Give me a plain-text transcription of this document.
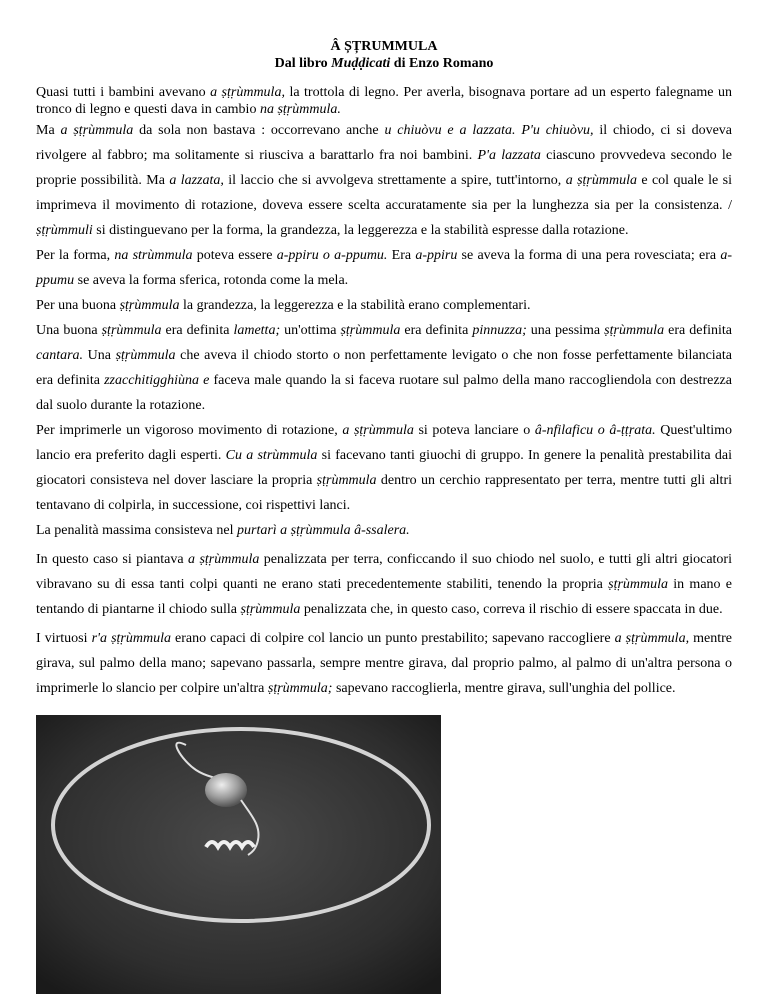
Â ȘȚRUMMULA
Dal libro Muḍḍicati di Enzo Romano

Quasi tutti i bambini avevano a ṣṭṛùmmula, la trottola di legno. Per averla, bisognava portare ad un esperto falegname un tronco di legno e questi dava in cambio na ṣṭṛùmmula.

Ma a ṣṭṛùmmula da sola non bastava : occorrevano anche u chiuòvu e a lazzata. P'u chiuòvu, il chiodo, ci si doveva rivolgere al fabbro; ma solitamente si riusciva a barattarlo fra noi bambini. P'a lazzata ciascuno provvedeva secondo le proprie possibilità. Ma a lazzata, il laccio che si avvolgeva strettamente a spire, tutt'intorno, a ṣṭṛùmmula e col quale le si imprimeva il movimento di rotazione, doveva essere scelta accuratamente sia per la lunghezza sia per la consistenza. / ṣṭṛùmmuli si distinguevano per la forma, la grandezza, la leggerezza e la stabilità espresse dalla rotazione.

Per la forma, na strùmmula poteva essere a-ppiru o a-ppumu. Era a-ppiru se aveva la forma di una pera rovesciata; era a-ppumu se aveva la forma sferica, rotonda come la mela.

Per una buona ṣṭṛùmmula la grandezza, la leggerezza e la stabilità erano complementari.

Una buona ṣṭṛùmmula era definita lametta; un'ottima ṣṭṛùmmula era definita pinnuzza; una pessima ṣṭṛùmmula era definita cantara. Una ṣṭṛùmmula che aveva il chiodo storto o non perfettamente levigato o che non fosse perfettamente bilanciata era definita zzacchitigghiùna e faceva male quando la si faceva ruotare sul palmo della mano raccogliendola con destrezza dal suolo durante la rotazione.

Per imprimerle un vigoroso movimento di rotazione, a ṣṭṛùmmula si poteva lanciare o â-nfilaficu o â-ṭṭṛata. Quest'ultimo lancio era preferito dagli esperti. Cu a strùmmula si facevano tanti giuochi di gruppo. In genere la penalità prestabilita dai giocatori consisteva nel dover lasciare la propria ṣṭṛùmmula dentro un cerchio rappresentato per terra, mentre tutti gli altri tentavano di colpirla, in successione, coi rispettivi lanci.

La penalità massima consisteva nel purtarì a ṣṭṛùmmula â-ssalera.

In questo caso si piantava a ṣṭṛùmmula penalizzata per terra, conficcando il suo chiodo nel suolo, e tutti gli altri giocatori vibravano su di essa tanti colpi quanti ne erano stati precedentemente stabiliti, tenendo la propria ṣṭṛùmmula in mano e tentando di piantarne il chiodo sulla ṣṭṛùmmula penalizzata che, in questo caso, correva il rischio di essere spaccata in due.

I virtuosi r'a ṣṭṛùmmula erano capaci di colpire col lancio un punto prestabilito; sapevano raccogliere a ṣṭṛùmmula, mentre girava, sul palmo della mano; sapevano passarla, sempre mentre girava, dal proprio palmo, al palmo di un'altra persona o imprimerle lo slancio per colpire un'altra ṣṭṛùmmula; sapevano raccoglierla, mentre girava, sull'unghia del pollice.
